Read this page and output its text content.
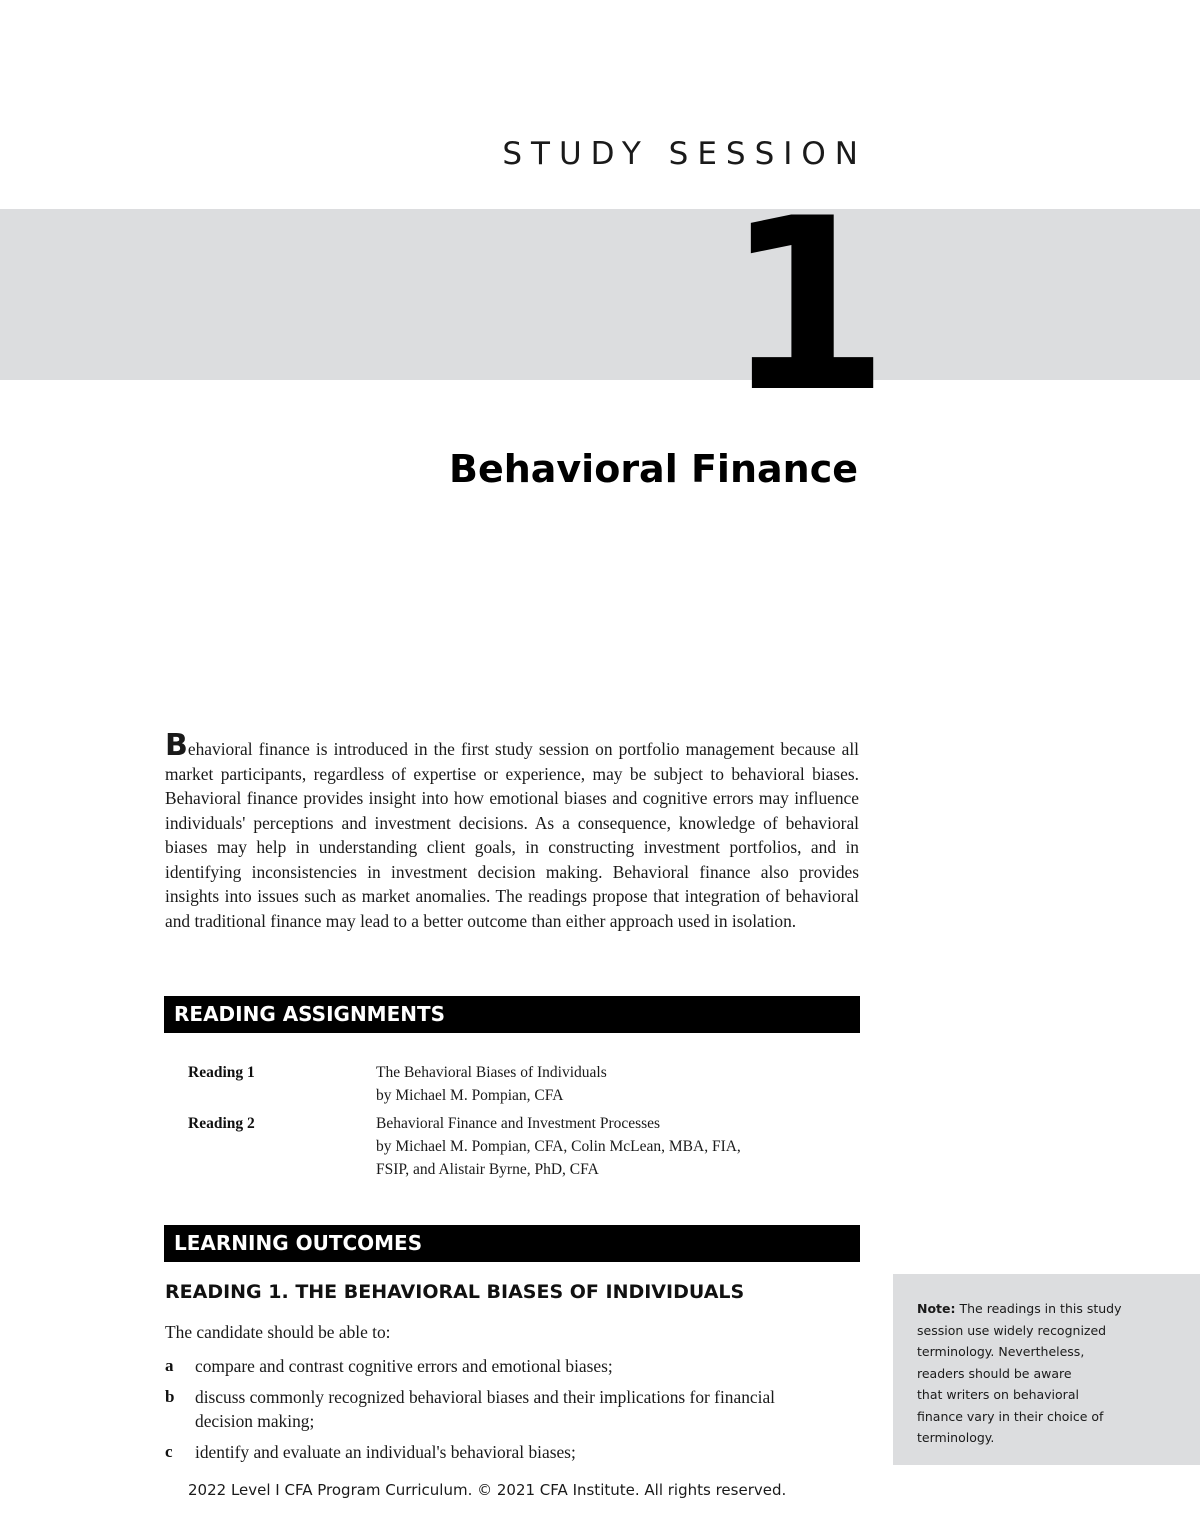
STUDY SESSION
1
Behavioral Finance

Behavioral finance is introduced in the first study session on portfolio management because all market participants, regardless of expertise or experience, may be subject to behavioral biases. Behavioral finance provides insight into how emotional biases and cognitive errors may influence individuals' perceptions and investment decisions. As a consequence, knowledge of behavioral biases may help in understanding client goals, in constructing investment portfolios, and in identifying inconsistencies in investment decision making. Behavioral finance also provides insights into issues such as market anomalies. The readings propose that integration of behavioral and traditional finance may lead to a better outcome than either approach used in isolation.

READING ASSIGNMENTS
Reading 1	The Behavioral Biases of Individuals
by Michael M. Pompian, CFA
Reading 2	Behavioral Finance and Investment Processes
by Michael M. Pompian, CFA, Colin McLean, MBA, FIA,
FSIP, and Alistair Byrne, PhD, CFA
LEARNING OUTCOMES
READING 1. THE BEHAVIORAL BIASES OF INDIVIDUALS

The candidate should be able to:

a	compare and contrast cognitive errors and emotional biases;
b	discuss commonly recognized behavioral biases and their implications for financial decision making;
c	identify and evaluate an individual's behavioral biases;
Note: The readings in this study
session use widely recognized
terminology. Nevertheless,
readers should be aware
that writers on behavioral
finance vary in their choice of
terminology.

2022 Level I CFA Program Curriculum. © 2021 CFA Institute. All rights reserved.
